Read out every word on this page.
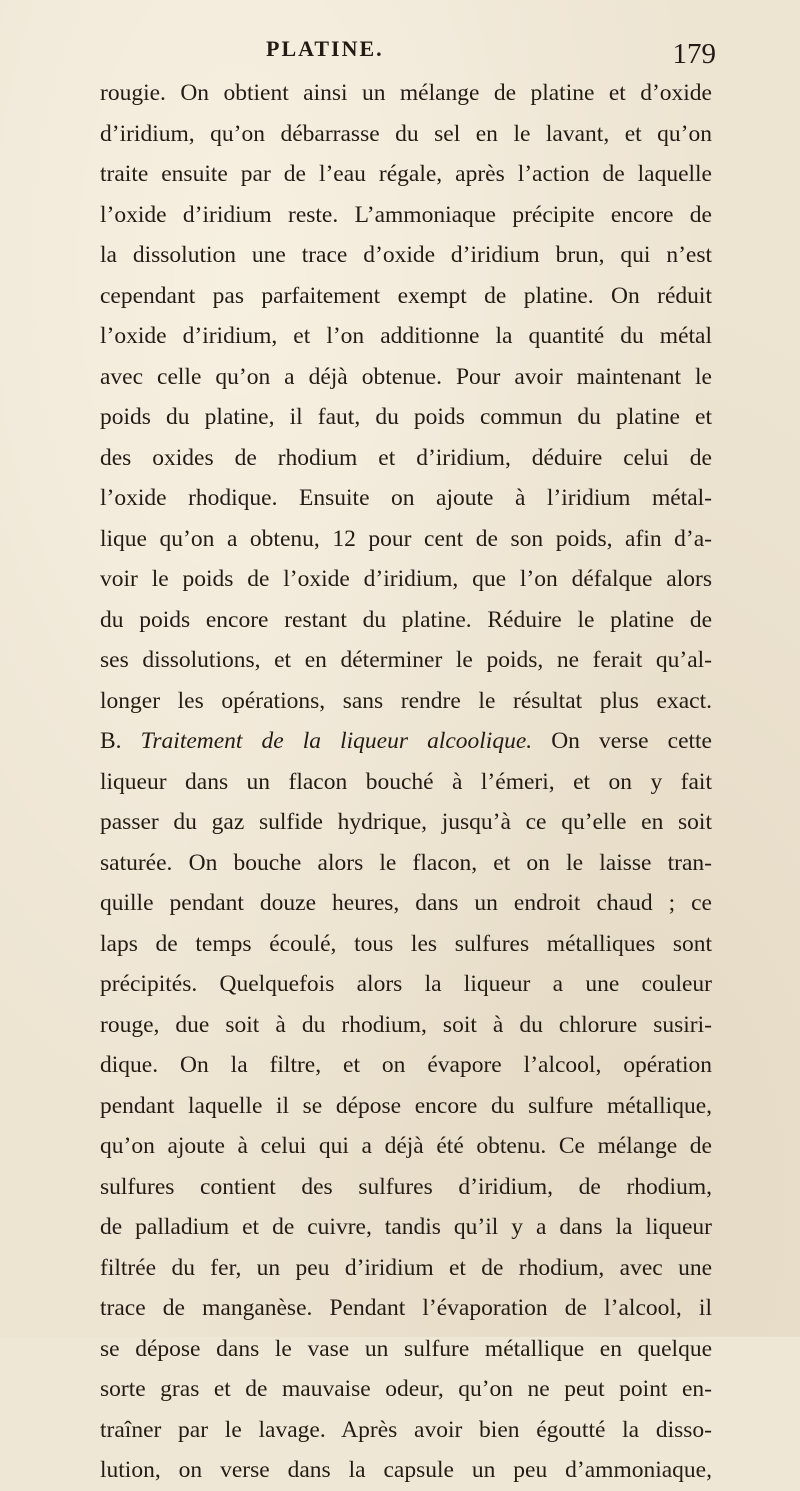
PLATINE.	179
rougie. On obtient ainsi un mélange de platine et d’oxide
d’iridium, qu’on débarrasse du sel en le lavant, et qu’on
traite ensuite par de l’eau régale, après l’action de laquelle
l’oxide d’iridium reste. L’ammoniaque précipite encore de
la dissolution une trace d’oxide d’iridium brun, qui n’est
cependant pas parfaitement exempt de platine. On réduit
l’oxide d’iridium, et l’on additionne la quantité du métal
avec celle qu’on a déjà obtenue. Pour avoir maintenant le
poids du platine, il faut, du poids commun du platine et
des oxides de rhodium et d’iridium, déduire celui de
l’oxide rhodique. Ensuite on ajoute à l’iridium métal-
lique qu’on a obtenu, 12 pour cent de son poids, afin d’a-
voir le poids de l’oxide d’iridium, que l’on défalque alors
du poids encore restant du platine. Réduire le platine de
ses dissolutions, et en déterminer le poids, ne ferait qu’al-
longer les opérations, sans rendre le résultat plus exact.
B. Traitement de la liqueur alcoolique. On verse cette
liqueur dans un flacon bouché à l’émeri, et on y fait
passer du gaz sulfide hydrique, jusqu’à ce qu’elle en soit
saturée. On bouche alors le flacon, et on le laisse tran-
quille pendant douze heures, dans un endroit chaud ; ce
laps de temps écoulé, tous les sulfures métalliques sont
précipités. Quelquefois alors la liqueur a une couleur
rouge, due soit à du rhodium, soit à du chlorure susiri-
dique. On la filtre, et on évapore l’alcool, opération
pendant laquelle il se dépose encore du sulfure métallique,
qu’on ajoute à celui qui a déjà été obtenu. Ce mélange de
sulfures contient des sulfures d’iridium, de rhodium,
de palladium et de cuivre, tandis qu’il y a dans la liqueur
filtrée du fer, un peu d’iridium et de rhodium, avec une
trace de manganèse. Pendant l’évaporation de l’alcool, il
se dépose dans le vase un sulfure métallique en quelque
sorte gras et de mauvaise odeur, qu’on ne peut point en-
traîner par le lavage. Après avoir bien égoutté la disso-
lution, on verse dans la capsule un peu d’ammoniaque,
